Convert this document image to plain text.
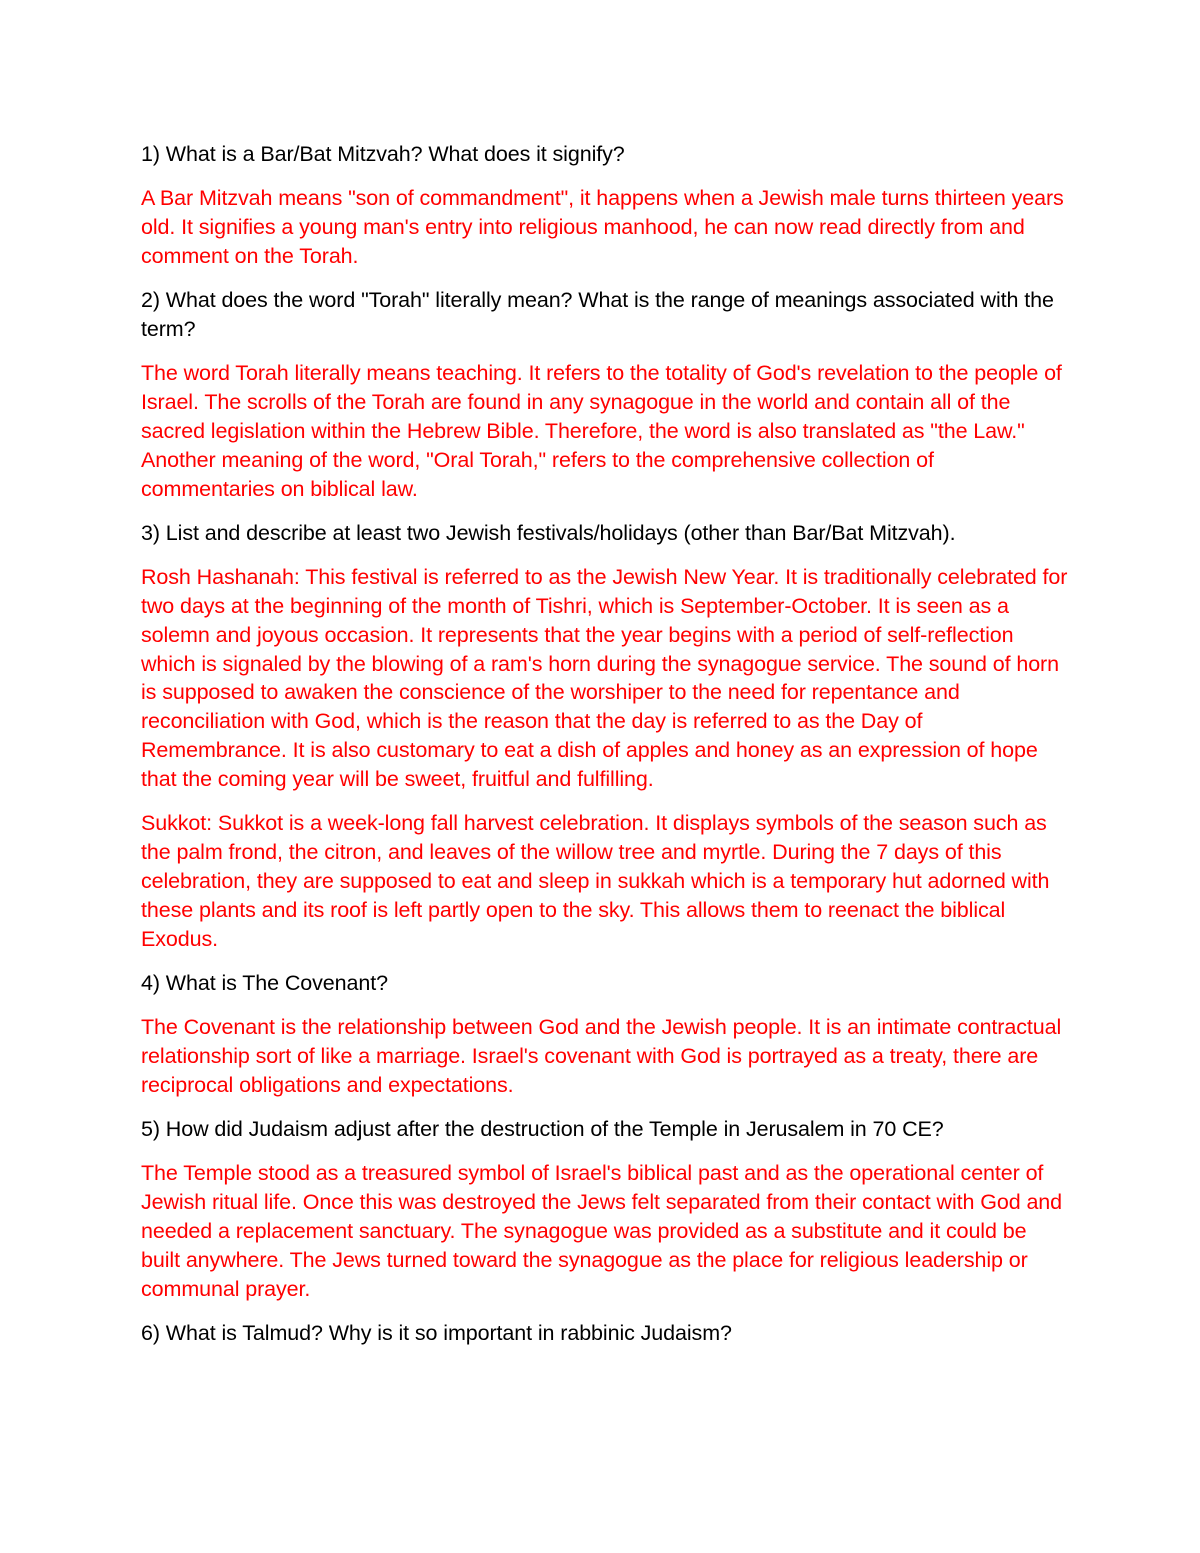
1) What is a Bar/Bat Mitzvah? What does it signify?

A Bar Mitzvah means "son of commandment", it happens when a Jewish male turns thirteen years old. It signifies a young man's entry into religious manhood, he can now read directly from and comment on the Torah.

2) What does the word "Torah" literally mean? What is the range of meanings associated with the term?

The word Torah literally means teaching. It refers to the totality of God's revelation to the people of Israel. The scrolls of the Torah are found in any synagogue in the world and contain all of the sacred legislation within the Hebrew Bible. Therefore, the word is also translated as "the Law." Another meaning of the word, "Oral Torah," refers to the comprehensive collection of commentaries on biblical law.

3) List and describe at least two Jewish festivals/holidays (other than Bar/Bat Mitzvah).

Rosh Hashanah: This festival is referred to as the Jewish New Year. It is traditionally celebrated for two days at the beginning of the month of Tishri, which is September-October. It is seen as a solemn and joyous occasion. It represents that the year begins with a period of self-reflection which is signaled by the blowing of a ram's horn during the synagogue service. The sound of horn is supposed to awaken the conscience of the worshiper to the need for repentance and reconciliation with God, which is the reason that the day is referred to as the Day of Remembrance. It is also customary to eat a dish of apples and honey as an expression of hope that the coming year will be sweet, fruitful and fulfilling.

Sukkot: Sukkot is a week-long fall harvest celebration. It displays symbols of the season such as the palm frond, the citron, and leaves of the willow tree and myrtle. During the 7 days of this celebration, they are supposed to eat and sleep in sukkah which is a temporary hut adorned with these plants and its roof is left partly open to the sky. This allows them to reenact the biblical Exodus.

4) What is The Covenant?

The Covenant is the relationship between God and the Jewish people. It is an intimate contractual relationship sort of like a marriage. Israel's covenant with God is portrayed as a treaty, there are reciprocal obligations and expectations.

5) How did Judaism adjust after the destruction of the Temple in Jerusalem in 70 CE?

The Temple stood as a treasured symbol of Israel's biblical past and as the operational center of Jewish ritual life. Once this was destroyed the Jews felt separated from their contact with God and needed a replacement sanctuary. The synagogue was provided as a substitute and it could be built anywhere. The Jews turned toward the synagogue as the place for religious leadership or communal prayer.

6) What is Talmud? Why is it so important in rabbinic Judaism?
